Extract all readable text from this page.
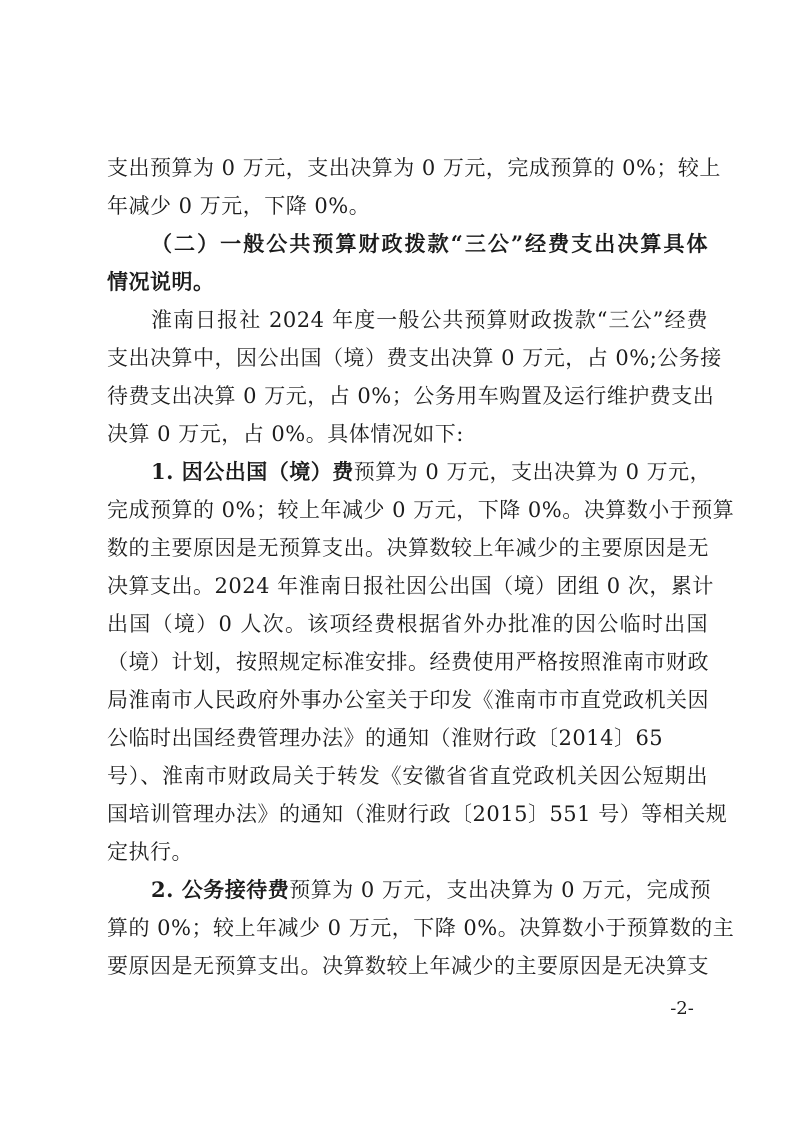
支出预算为 0 万元，支出决算为 0 万元，完成预算的 0%；较上
年减少 0 万元，下降 0%。
（二）一般公共预算财政拨款“三公”经费支出决算具体
情况说明。
淮南日报社 2024 年度一般公共预算财政拨款“三公”经费
支出决算中，因公出国（境）费支出决算 0 万元，占 0%;公务接
待费支出决算 0 万元，占 0%；公务用车购置及运行维护费支出
决算 0 万元，占 0%。具体情况如下:
1. 因公出国（境）费预算为 0 万元，支出决算为 0 万元，
完成预算的 0%；较上年减少 0 万元，下降 0%。决算数小于预算
数的主要原因是无预算支出。决算数较上年减少的主要原因是无
决算支出。2024 年淮南日报社因公出国（境）团组 0 次，累计
出国（境）0 人次。该项经费根据省外办批准的因公临时出国
（境）计划，按照规定标准安排。经费使用严格按照淮南市财政
局淮南市人民政府外事办公室关于印发《淮南市市直党政机关因
公临时出国经费管理办法》的通知（淮财行政〔2014〕65
号）、淮南市财政局关于转发《安徽省省直党政机关因公短期出
国培训管理办法》的通知（淮财行政〔2015〕551 号）等相关规
定执行。
2. 公务接待费预算为 0 万元，支出决算为 0 万元，完成预
算的 0%；较上年减少 0 万元，下降 0%。决算数小于预算数的主
要原因是无预算支出。决算数较上年减少的主要原因是无决算支
-2-
